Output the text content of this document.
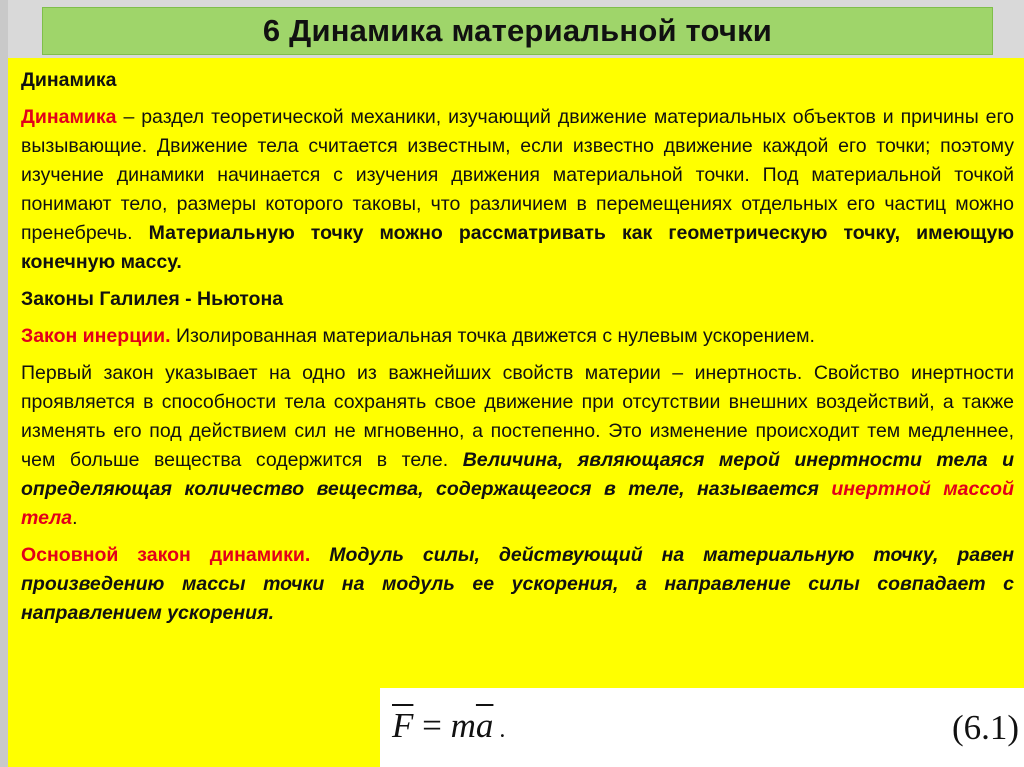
6 Динамика материальной точки

Динамика

Динамика – раздел теоретической механики, изучающий движение материальных объектов и причины его вызывающие. Движение тела считается известным, если известно движение каждой его точки; поэтому изучение динамики начинается с изучения движения материальной точки. Под материальной точкой понимают тело, размеры которого таковы, что различием в перемещениях отдельных его частиц можно пренебречь. Материальную точку можно рассматривать как геометрическую точку, имеющую конечную массу.

Законы Галилея - Ньютона

Закон инерции. Изолированная материальная точка движется с нулевым ускорением.

Первый закон указывает на одно из важнейших свойств материи – инертность. Свойство инертности проявляется в способности тела сохранять свое движение при отсутствии внешних воздействий, а также изменять его под действием сил не мгновенно, а постепенно. Это изменение происходит тем медленнее, чем больше вещества содержится в теле. Величина, являющаяся мерой инертности тела и определяющая количество вещества, содержащегося в теле, называется инертной массой тела.

Основной закон динамики. Модуль силы, действующий на материальную точку, равен произведению массы точки на модуль ее ускорения, а направление силы совпадает с направлением ускорения.

$\overline{F} = m\overline{a}$ .	(6.1)
